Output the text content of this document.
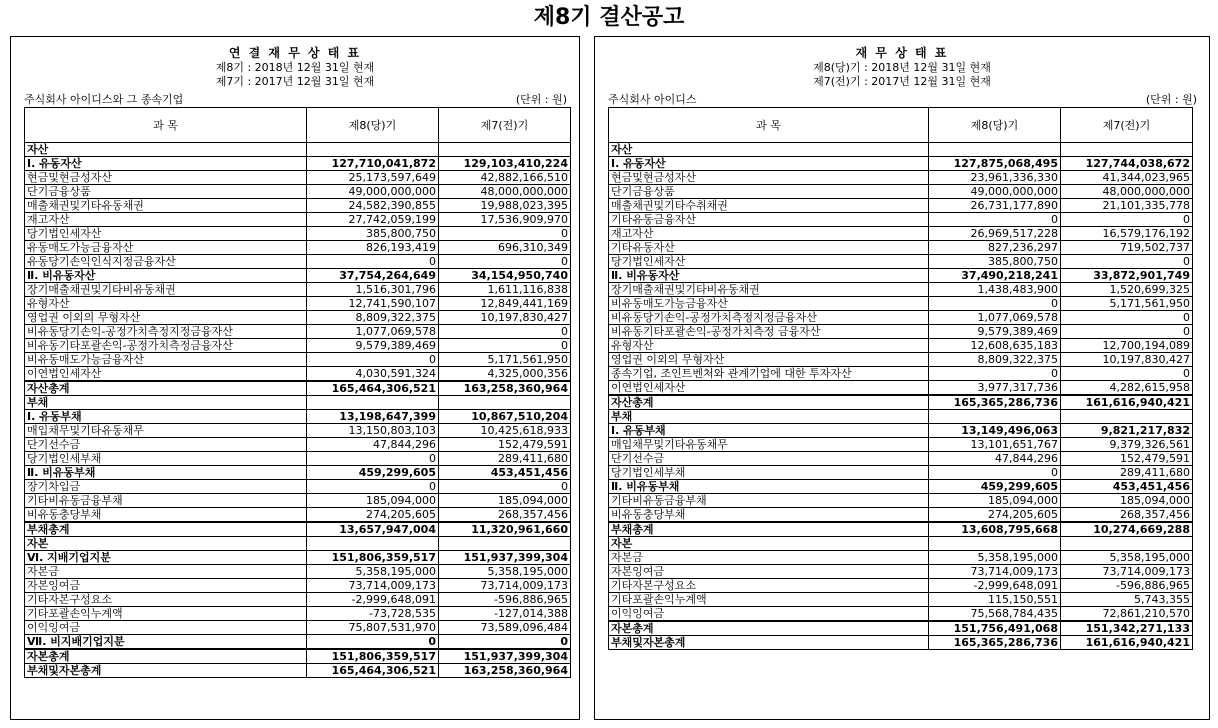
제8기 결산공고
연 결 재 무 상 태 표
제8기 : 2018년 12월 31일 현재
제7기 : 2017년 12월 31일 현재
주식회사 아이디스와 그 종속기업	(단위 : 원)
과 목	제8(당)기	제7(전)기
자산		
Ⅰ. 유동자산	127,710,041,872	129,103,410,224
현금및현금성자산	25,173,597,649	42,882,166,510
단기금융상품	49,000,000,000	48,000,000,000
매출채권및기타유동채권	24,582,390,855	19,988,023,395
재고자산	27,742,059,199	17,536,909,970
당기법인세자산	385,800,750	0
유동매도가능금융자산	826,193,419	696,310,349
유동당기손익인식지정금융자산	0	0
Ⅱ. 비유동자산	37,754,264,649	34,154,950,740
장기매출채권및기타비유동채권	1,516,301,796	1,611,116,838
유형자산	12,741,590,107	12,849,441,169
영업권 이외의 무형자산	8,809,322,375	10,197,830,427
비유동당기손익-공정가치측정지정금융자산	1,077,069,578	0
비유동기타포괄손익-공정가치측정금융자산	9,579,389,469	0
비유동매도가능금융자산	0	5,171,561,950
이연법인세자산	4,030,591,324	4,325,000,356
자산총계	165,464,306,521	163,258,360,964
부채		
Ⅰ. 유동부채	13,198,647,399	10,867,510,204
매입채무및기타유동채무	13,150,803,103	10,425,618,933
단기선수금	47,844,296	152,479,591
당기법인세부채	0	289,411,680
Ⅱ. 비유동부채	459,299,605	453,451,456
장기차입금	0	0
기타비유동금융부채	185,094,000	185,094,000
비유동충당부채	274,205,605	268,357,456
부채총계	13,657,947,004	11,320,961,660
자본		
Ⅵ. 지배기업지분	151,806,359,517	151,937,399,304
자본금	5,358,195,000	5,358,195,000
자본잉여금	73,714,009,173	73,714,009,173
기타자본구성요소	-2,999,648,091	-596,886,965
기타포괄손익누계액	-73,728,535	-127,014,388
이익잉여금	75,807,531,970	73,589,096,484
Ⅶ. 비지배기업지분	0	0
자본총계	151,806,359,517	151,937,399,304
부채및자본총계	165,464,306,521	163,258,360,964
재 무 상 태 표
제8(당)기 : 2018년 12월 31일 현재
제7(전)기 : 2017년 12월 31일 현재
주식회사 아이디스	(단위 : 원)
과 목	제8(당)기	제7(전)기
자산		
Ⅰ. 유동자산	127,875,068,495	127,744,038,672
현금및현금성자산	23,961,336,330	41,344,023,965
단기금융상품	49,000,000,000	48,000,000,000
매출채권및기타수취채권	26,731,177,890	21,101,335,778
기타유동금융자산	0	0
재고자산	26,969,517,228	16,579,176,192
기타유동자산	827,236,297	719,502,737
당기법인세자산	385,800,750	0
Ⅱ. 비유동자산	37,490,218,241	33,872,901,749
장기매출채권및기타비유동채권	1,438,483,900	1,520,699,325
비유동매도가능금융자산	0	5,171,561,950
비유동당기손익-공정가치측정지정금융자산	1,077,069,578	0
비유동기타포괄손익-공정가치측정 금융자산	9,579,389,469	0
유형자산	12,608,635,183	12,700,194,089
영업권 이외의 무형자산	8,809,322,375	10,197,830,427
종속기업, 조인트벤처와 관계기업에 대한 투자자산	0	0
이연법인세자산	3,977,317,736	4,282,615,958
자산총계	165,365,286,736	161,616,940,421
부채		
Ⅰ. 유동부채	13,149,496,063	9,821,217,832
매입채무및기타유동채무	13,101,651,767	9,379,326,561
단기선수금	47,844,296	152,479,591
당기법인세부채	0	289,411,680
Ⅱ. 비유동부채	459,299,605	453,451,456
기타비유동금융부채	185,094,000	185,094,000
비유동충당부채	274,205,605	268,357,456
부채총계	13,608,795,668	10,274,669,288
자본		
자본금	5,358,195,000	5,358,195,000
자본잉여금	73,714,009,173	73,714,009,173
기타자본구성요소	-2,999,648,091	-596,886,965
기타포괄손익누계액	115,150,551	5,743,355
이익잉여금	75,568,784,435	72,861,210,570
자본총계	151,756,491,068	151,342,271,133
부채및자본총계	165,365,286,736	161,616,940,421
